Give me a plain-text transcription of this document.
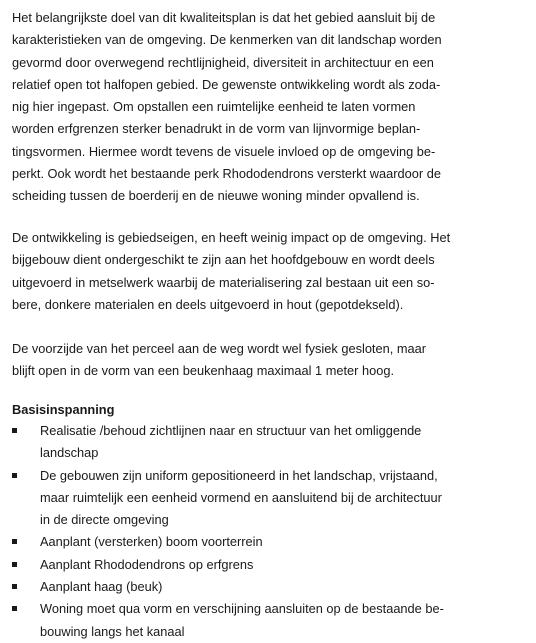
Het belangrijkste doel van dit kwaliteitsplan is dat het gebied aansluit bij de
karakteristieken van de omgeving. De kenmerken van dit landschap worden
gevormd door overwegend rechtlijnigheid, diversiteit in architectuur en een
relatief open tot halfopen gebied. De gewenste ontwikkeling wordt als zoda-
nig hier ingepast. Om opstallen een ruimtelijke eenheid te laten vormen
worden erfgrenzen sterker benadrukt in de vorm van lijnvormige beplan-
tingsvormen. Hiermee wordt tevens de visuele invloed op de omgeving be-
perkt. Ook wordt het bestaande perk Rhododendrons versterkt waardoor de
scheiding tussen de boerderij en de nieuwe woning minder opvallend is.
De ontwikkeling is gebiedseigen, en heeft weinig impact op de omgeving. Het
bijgebouw dient ondergeschikt te zijn aan het hoofdgebouw en wordt deels
uitgevoerd in metselwerk waarbij de materialisering zal bestaan uit een so-
bere, donkere materialen en deels uitgevoerd in hout (gepotdekseld).
De voorzijde van het perceel aan de weg wordt wel fysiek gesloten, maar
blijft open in de vorm van een beukenhaag maximaal 1 meter hoog.
Basisinspanning
Realisatie /behoud zichtlijnen naar en structuur van het omliggende
landschap
De gebouwen zijn uniform gepositioneerd in het landschap, vrijstaand,
maar ruimtelijk een eenheid vormend en aansluitend bij de architectuur
in de directe omgeving
Aanplant (versterken) boom voorterrein
Aanplant Rhododendrons op erfgrens
Aanplant haag (beuk)
Woning moet qua vorm en verschijning aansluiten op de bestaande be-
bouwing langs het kanaal
